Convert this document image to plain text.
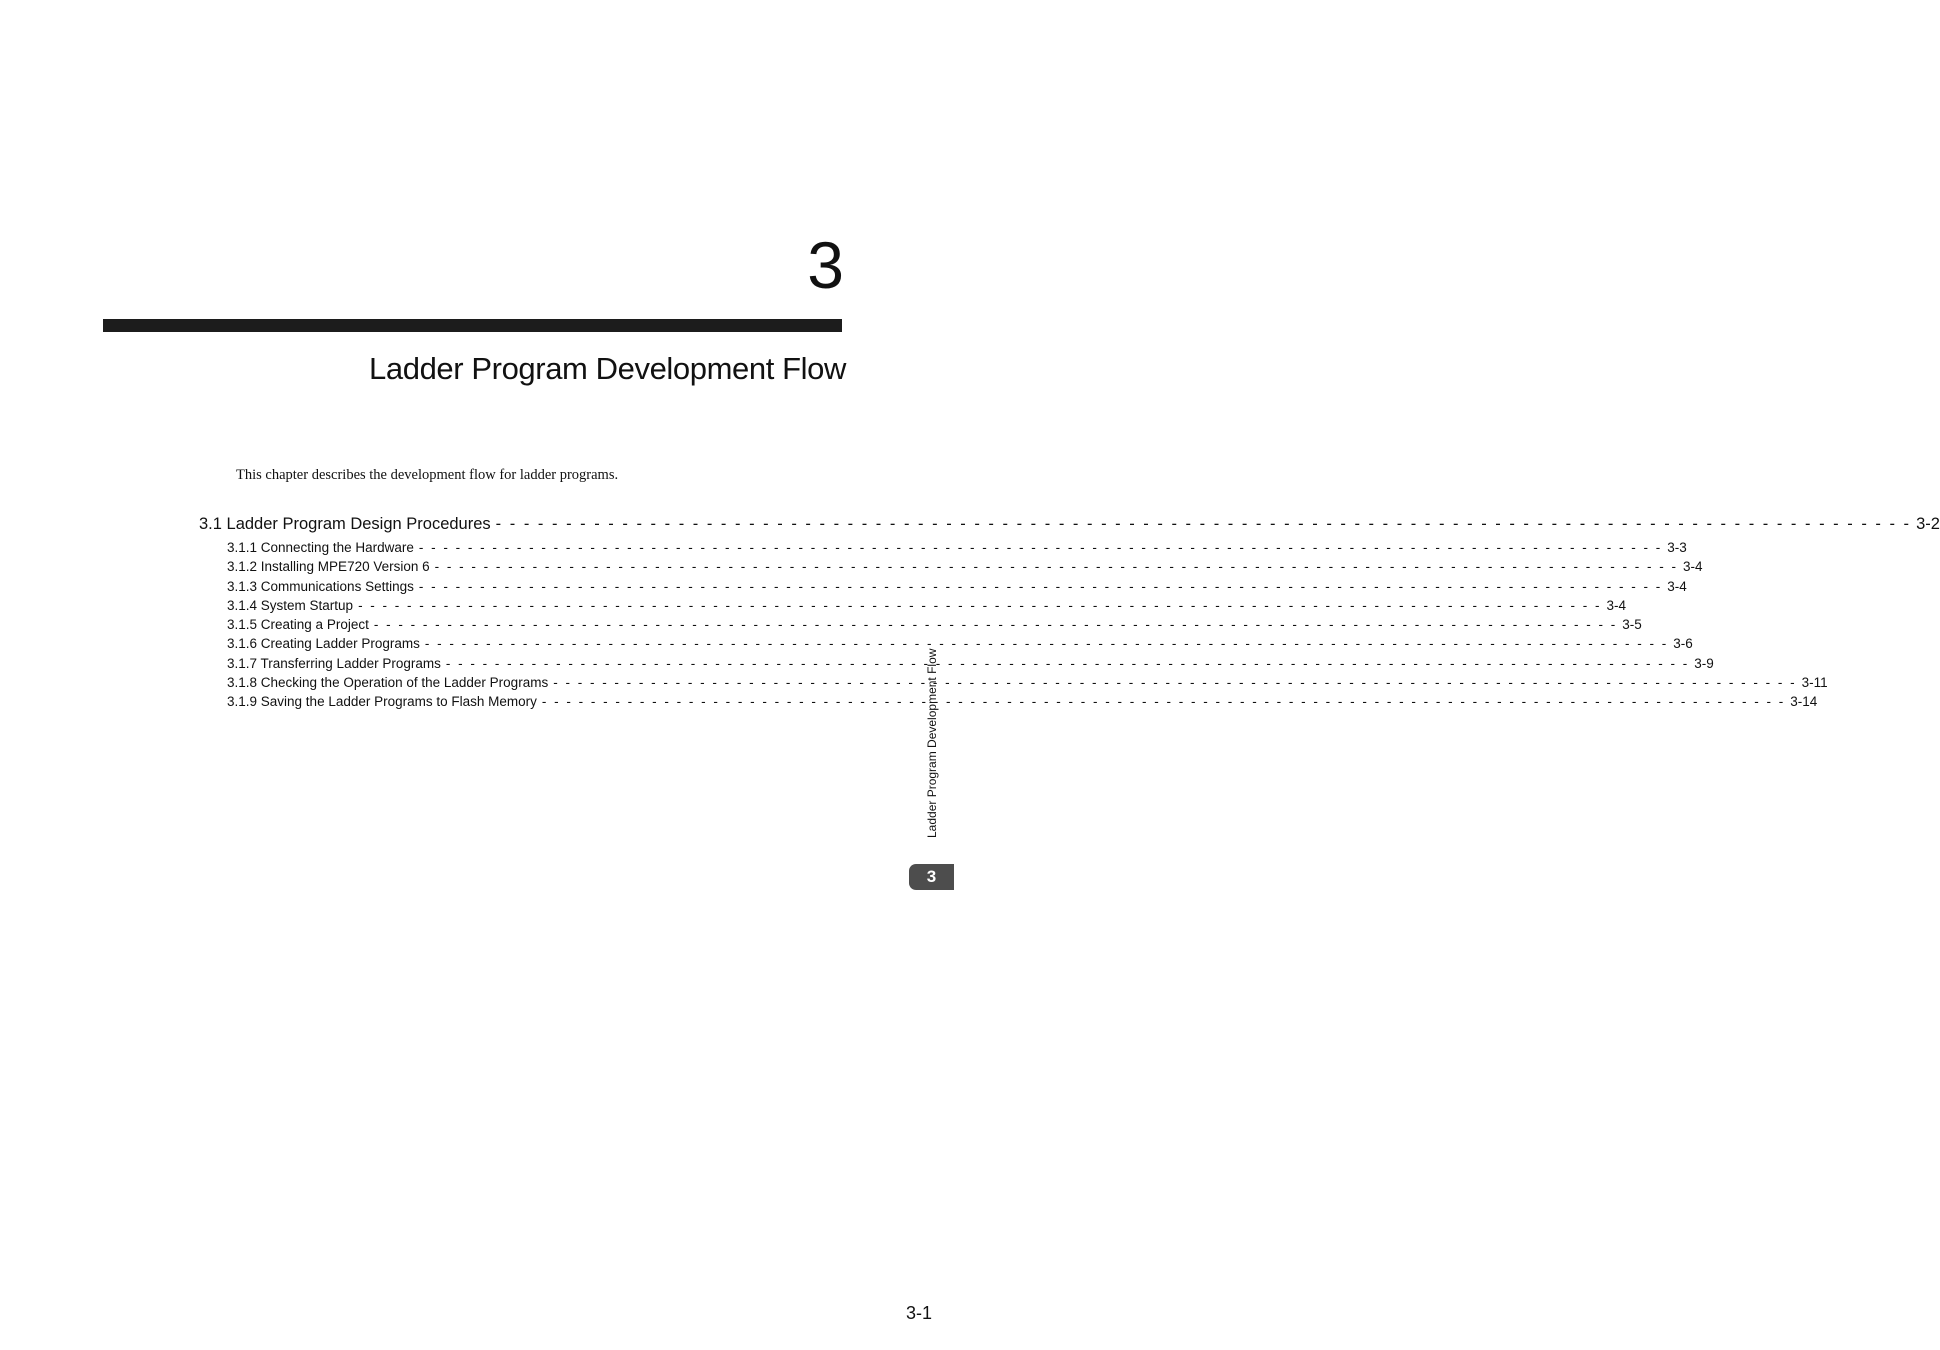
3
Ladder Program Development Flow
This chapter describes the development flow for ladder programs.
3.1 Ladder Program Design Procedures - - - - - - - - - - - - - - - - - - - - - - - - - - - - - - - - - - - - - - - - - - - - - - - - - - - - - - - - - - - - - - - - - - - - - - - - - - - - - - - - - - - - - - - - - - - - - - - - - - - - - 3-2
3.1.1 Connecting the Hardware - - - - - - - - - - - - - - - - - - - - - - - - - - - - - - - - - - - - - - - - - - - - - - - - - - - - - - - - - - - - - - - - - - - - - - - - - - - - - - - - - - - - - - - - - - - - - - - - - - - - - - 3-3
3.1.2 Installing MPE720 Version 6 - - - - - - - - - - - - - - - - - - - - - - - - - - - - - - - - - - - - - - - - - - - - - - - - - - - - - - - - - - - - - - - - - - - - - - - - - - - - - - - - - - - - - - - - - - - - - - - - - - - - - - 3-4
3.1.3 Communications Settings - - - - - - - - - - - - - - - - - - - - - - - - - - - - - - - - - - - - - - - - - - - - - - - - - - - - - - - - - - - - - - - - - - - - - - - - - - - - - - - - - - - - - - - - - - - - - - - - - - - - - - 3-4
3.1.4 System Startup - - - - - - - - - - - - - - - - - - - - - - - - - - - - - - - - - - - - - - - - - - - - - - - - - - - - - - - - - - - - - - - - - - - - - - - - - - - - - - - - - - - - - - - - - - - - - - - - - - - - - - 3-4
3.1.5 Creating a Project - - - - - - - - - - - - - - - - - - - - - - - - - - - - - - - - - - - - - - - - - - - - - - - - - - - - - - - - - - - - - - - - - - - - - - - - - - - - - - - - - - - - - - - - - - - - - - - - - - - - - - 3-5
3.1.6 Creating Ladder Programs - - - - - - - - - - - - - - - - - - - - - - - - - - - - - - - - - - - - - - - - - - - - - - - - - - - - - - - - - - - - - - - - - - - - - - - - - - - - - - - - - - - - - - - - - - - - - - - - - - - - - - 3-6
3.1.7 Transferring Ladder Programs - - - - - - - - - - - - - - - - - - - - - - - - - - - - - - - - - - - - - - - - - - - - - - - - - - - - - - - - - - - - - - - - - - - - - - - - - - - - - - - - - - - - - - - - - - - - - - - - - - - - - - 3-9
3.1.8 Checking the Operation of the Ladder Programs - - - - - - - - - - - - - - - - - - - - - - - - - - - - - - - - - - - - - - - - - - - - - - - - - - - - - - - - - - - - - - - - - - - - - - - - - - - - - - - - - - - - - - - - - - - - - - - - - - - - - - 3-11
3.1.9 Saving the Ladder Programs to Flash Memory - - - - - - - - - - - - - - - - - - - - - - - - - - - - - - - - - - - - - - - - - - - - - - - - - - - - - - - - - - - - - - - - - - - - - - - - - - - - - - - - - - - - - - - - - - - - - - - - - - - - - - 3-14
Ladder Program Development Flow
3
3-1
